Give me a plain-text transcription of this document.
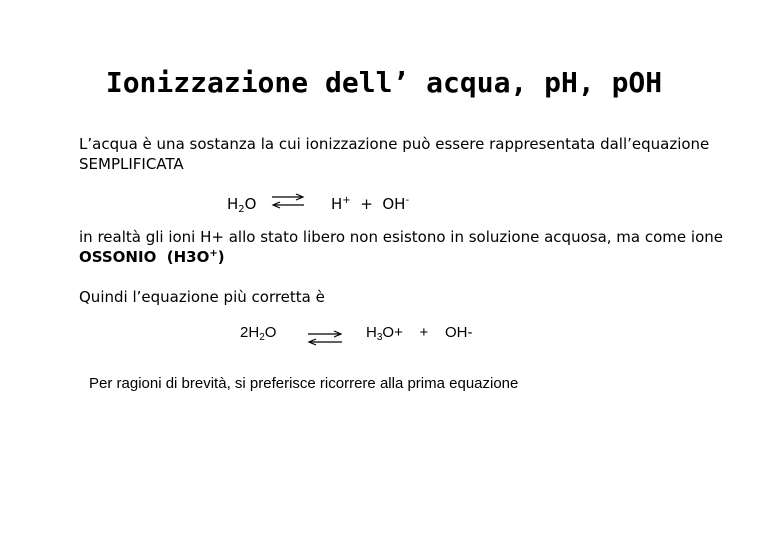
Ionizzazione dell’ acqua, pH, pOH
L’acqua è una sostanza la cui ionizzazione può essere rappresentata dall’equazione
SEMPLIFICATA
$H_2O$ ⇌ H+ + OH-
in realtà gli ioni H+ allo stato libero non esistono in soluzione acquosa, ma come ione
OSSONIO  (H3O+)
Quindi l’equazione più corretta è
$2H_2O$ ⇌ $H_3O+ + OH-$
Per ragioni di brevità, si preferisce ricorrere alla prima equazione
